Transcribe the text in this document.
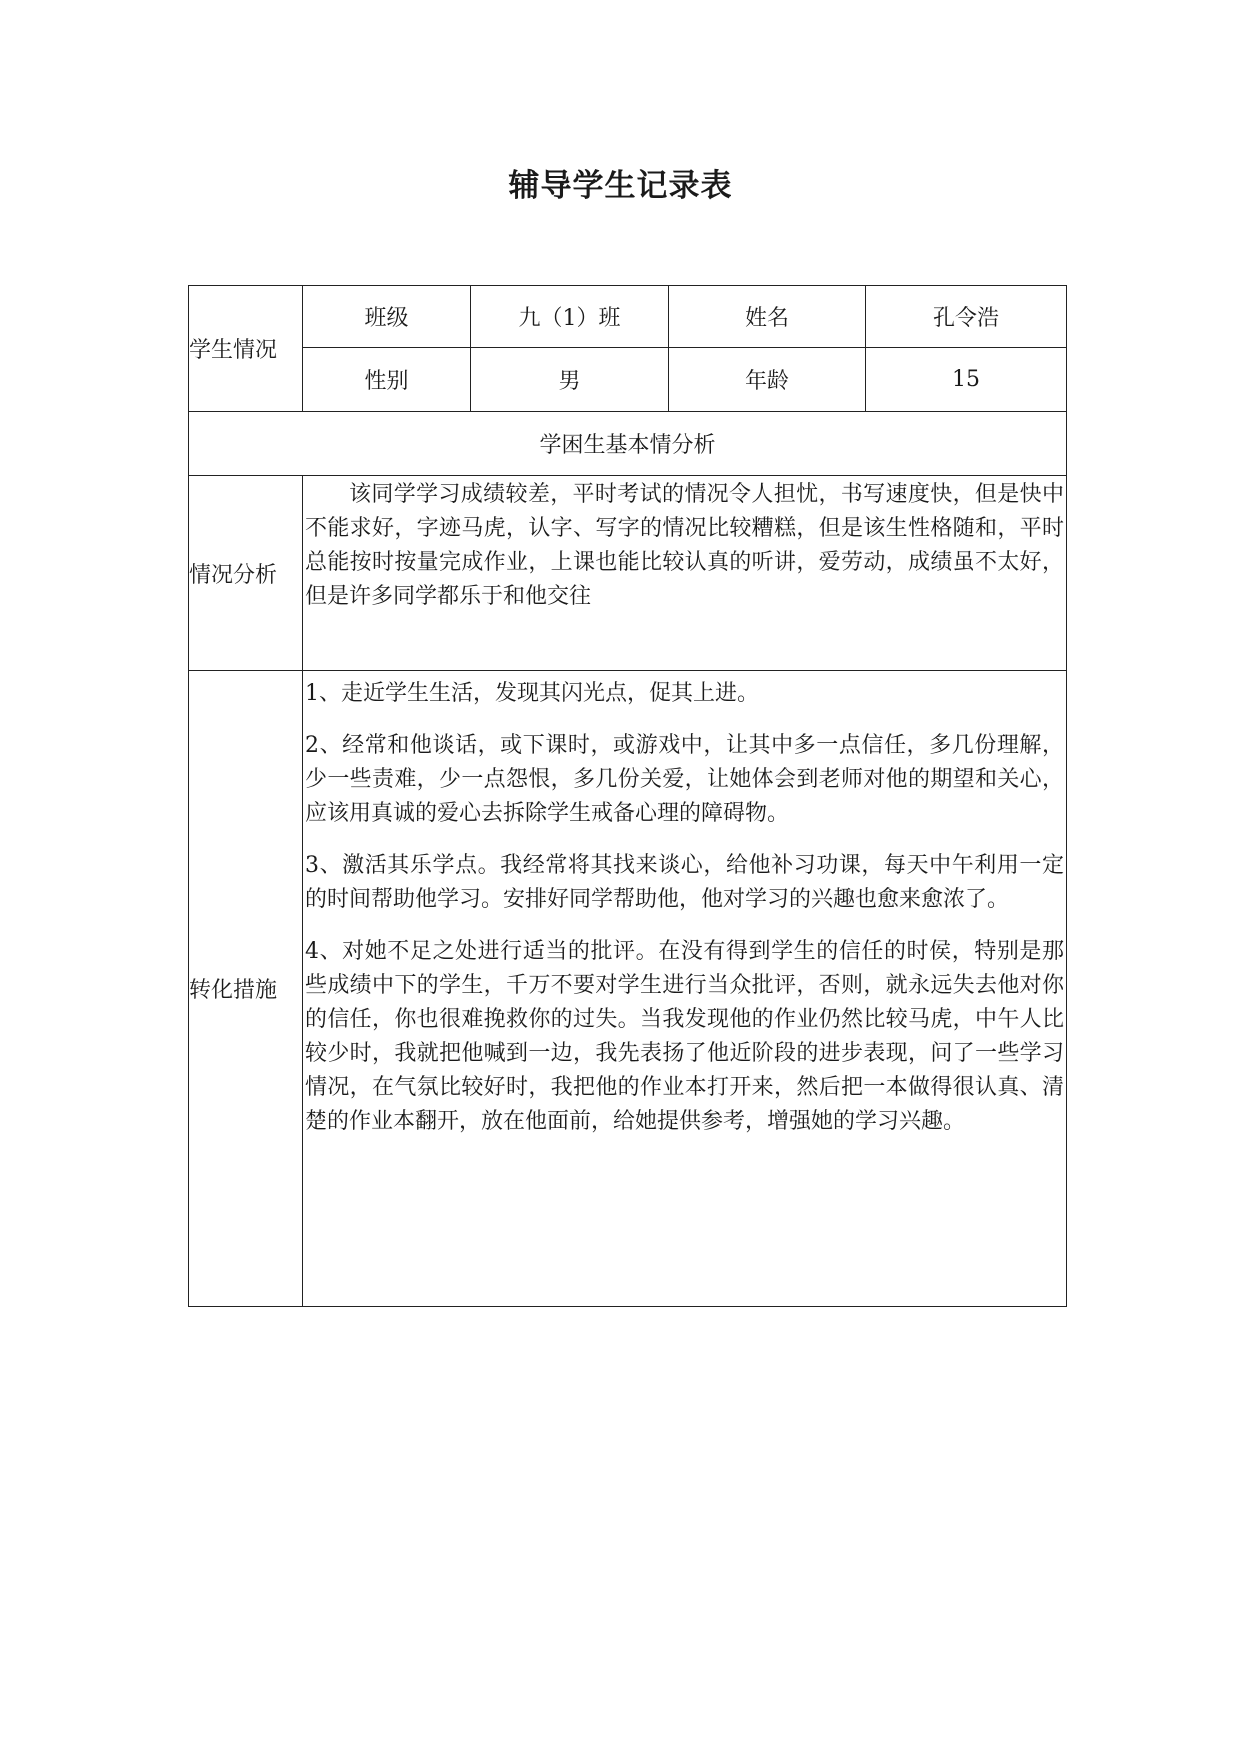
辅导学生记录表
学生情况	班级	九（1）班	姓名	孔令浩
	性别	男	年龄	15
学困生基本情分析				
情况分析	该同学学习成绩较差，平时考试的情况令人担忧，书写速度快，但是快中不能求好，字迹马虎，认字、写字的情况比较糟糕，但是该生性格随和，平时总能按时按量完成作业，上课也能比较认真的听讲，爱劳动，成绩虽不太好，但是许多同学都乐于和他交往			

转化措施	1、走近学生生活，发现其闪光点，促其上进。

2、经常和他谈话，或下课时，或游戏中，让其中多一点信任，多几份理解，少一些责难，少一点怨恨，多几份关爱，让她体会到老师对他的期望和关心，应该用真诚的爱心去拆除学生戒备心理的障碍物。

3、激活其乐学点。我经常将其找来谈心，给他补习功课，每天中午利用一定的时间帮助他学习。安排好同学帮助他，他对学习的兴趣也愈来愈浓了。

4、对她不足之处进行适当的批评。在没有得到学生的信任的时侯，特别是那些成绩中下的学生，千万不要对学生进行当众批评，否则，就永远失去他对你的信任，你也很难挽救你的过失。当我发现他的作业仍然比较马虎，中午人比较少时，我就把他喊到一边，我先表扬了他近阶段的进步表现，问了一些学习情况，在气氛比较好时，我把他的作业本打开来，然后把一本做得很认真、清楚的作业本翻开，放在他面前，给她提供参考，增强她的学习兴趣。			
